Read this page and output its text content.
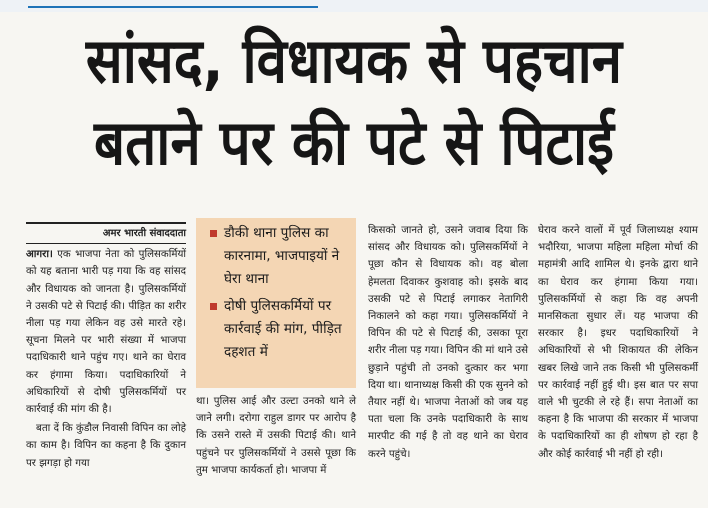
सांसद, विधायक से पहचान
बताने पर की पटे से पिटाई
अमर भारती संवाददाता

आगरा। एक भाजपा नेता को पुलिसकर्मियों को यह बताना भारी पड़ गया कि वह सांसद और विधायक को जानता है। पुलिसकर्मियों ने उसकी पटे से पिटाई की। पीड़ित का शरीर नीला पड़ गया लेकिन वह उसे मारते रहे। सूचना मिलने पर भारी संख्या में भाजपा पदाधिकारी थाने पहुंच गए। थाने का घेराव कर हंगामा किया। पदाधिकारियों ने अधिकारियों से दोषी पुलिसकर्मियों पर कार्रवाई की मांग की है।

बता दें कि कुंडौल निवासी विपिन का लोहे का काम है। विपिन का कहना है कि दुकान पर झगड़ा हो गया

डौकी थाना पुलिस का कारनामा, भाजपाइयों ने घेरा थाना
दोषी पुलिसकर्मियों पर कार्रवाई की मांग, पीड़ित दहशत में

था। पुलिस आई और उल्टा उनको थाने ले जाने लगी। दरोगा राहुल डागर पर आरोप है कि उसने रास्ते में उसकी पिटाई की। थाने पहुंचने पर पुलिसकर्मियों ने उससे पूछा कि तुम भाजपा कार्यकर्ता हो। भाजपा में

किसको जानते हो, उसने जवाब दिया कि सांसद और विधायक को। पुलिसकर्मियों ने पूछा कौन से विधायक को। वह बोला हेमलता दिवाकर कुशवाह को। इसके बाद उसकी पटे से पिटाई लगाकर नेतागिरी निकालने को कहा गया। पुलिसकर्मियों ने विपिन की पटे से पिटाई की, उसका पूरा शरीर नीला पड़ गया। विपिन की मां थाने उसे छुड़ाने पहुंची तो उनको दुत्कार कर भगा दिया था। थानाध्यक्ष किसी की एक सुनने को तैयार नहीं थे। भाजपा नेताओं को जब यह पता चला कि उनके पदाधिकारी के साथ मारपीट की गई है तो वह थाने का घेराव करने पहुंचे।

घेराव करने वालों में पूर्व जिलाध्यक्ष श्याम भदौरिया, भाजपा महिला महिला मोर्चा की महामंत्री आदि शामिल थे। इनके द्वारा थाने का घेराव कर हंगामा किया गया। पुलिसकर्मियों से कहा कि वह अपनी मानसिकता सुधार लें। यह भाजपा की सरकार है। इधर पदाधिकारियों ने अधिकारियों से भी शिकायत की लेकिन खबर लिखे जाने तक किसी भी पुलिसकर्मी पर कार्रवाई नहीं हुई थी। इस बात पर सपा वाले भी चुटकी ले रहे हैं। सपा नेताओं का कहना है कि भाजपा की सरकार में भाजपा के पदाधिकारियों का ही शोषण हो रहा है और कोई कार्रवाई भी नहीं हो रही।
